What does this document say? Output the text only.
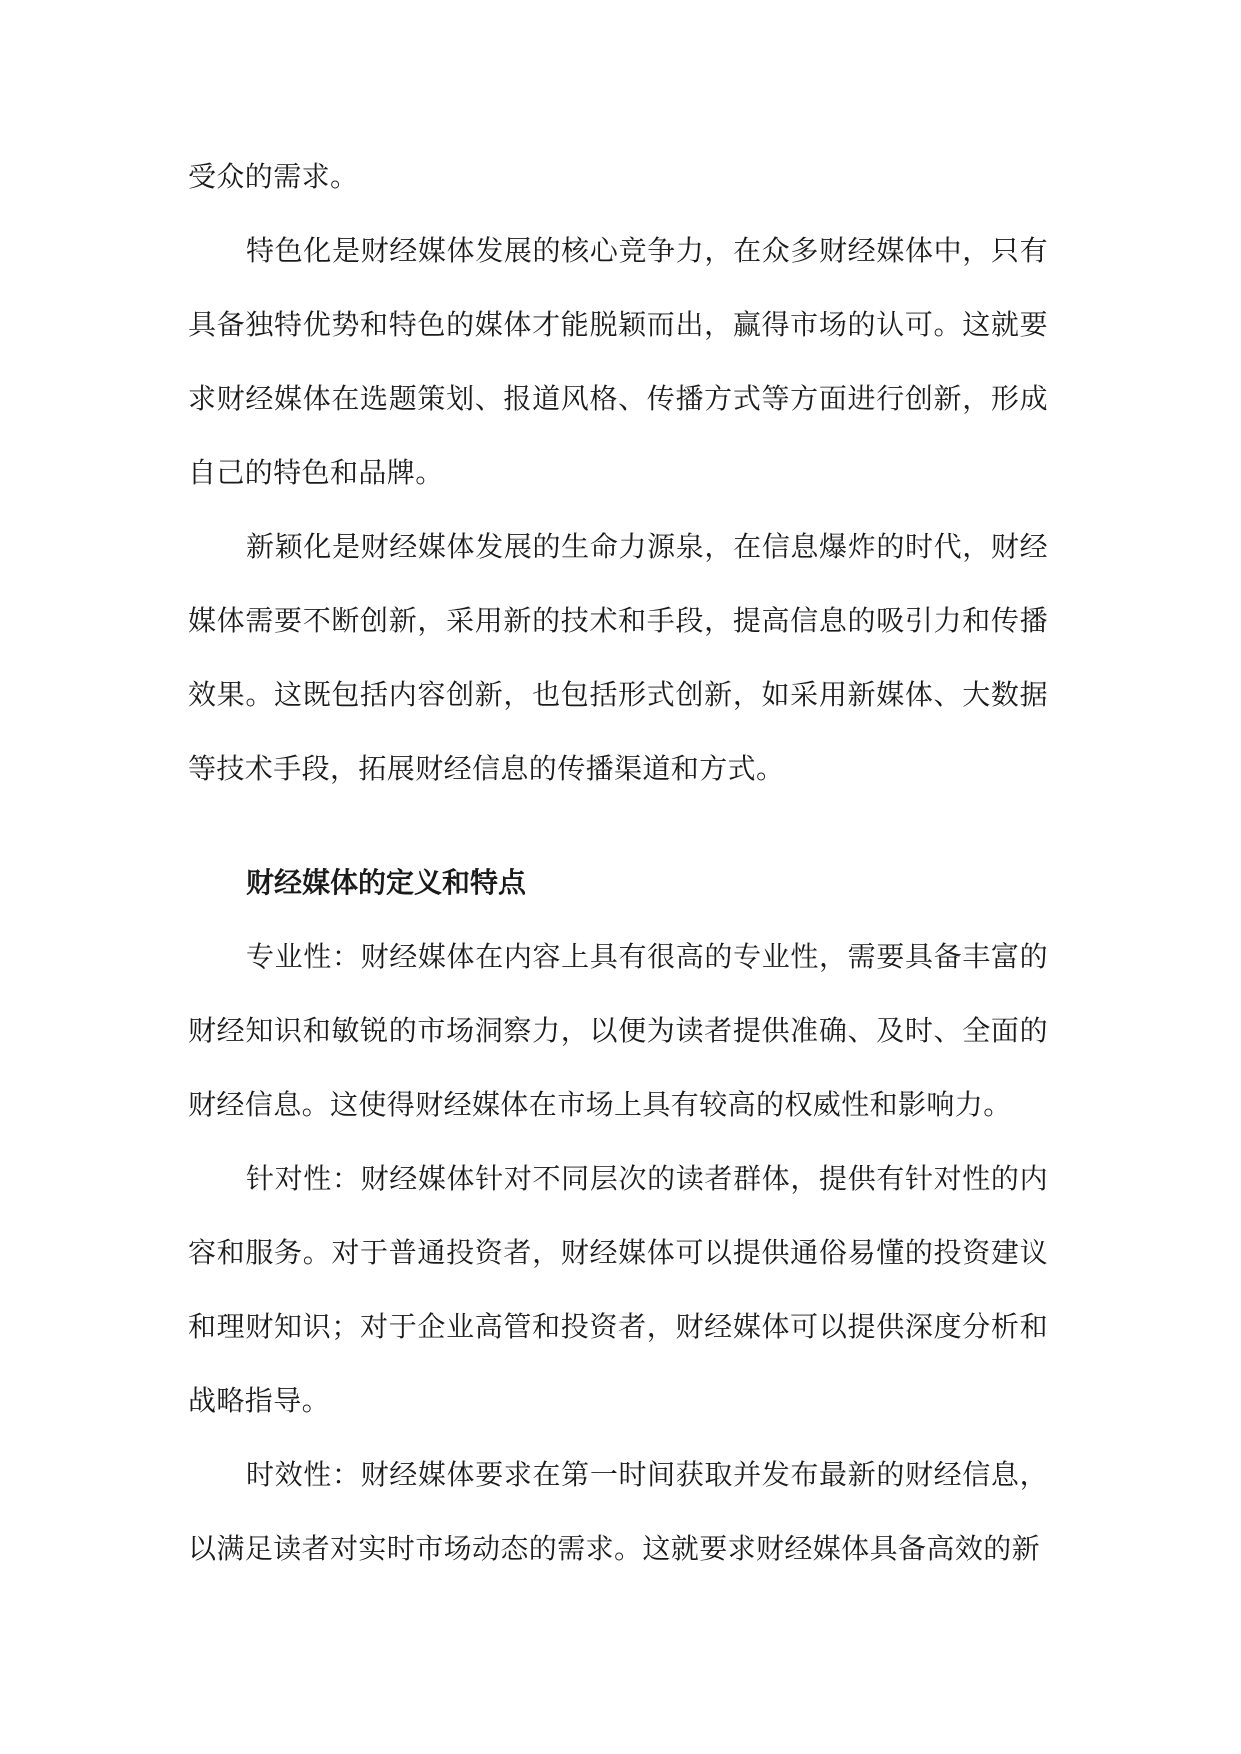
受众的需求。

特色化是财经媒体发展的核心竞争力，在众多财经媒体中，只有具备独特优势和特色的媒体才能脱颖而出，赢得市场的认可。这就要求财经媒体在选题策划、报道风格、传播方式等方面进行创新，形成自己的特色和品牌。

新颖化是财经媒体发展的生命力源泉，在信息爆炸的时代，财经媒体需要不断创新，采用新的技术和手段，提高信息的吸引力和传播效果。这既包括内容创新，也包括形式创新，如采用新媒体、大数据等技术手段，拓展财经信息的传播渠道和方式。

财经媒体的定义和特点

专业性：财经媒体在内容上具有很高的专业性，需要具备丰富的财经知识和敏锐的市场洞察力，以便为读者提供准确、及时、全面的财经信息。这使得财经媒体在市场上具有较高的权威性和影响力。

针对性：财经媒体针对不同层次的读者群体，提供有针对性的内容和服务。对于普通投资者，财经媒体可以提供通俗易懂的投资建议和理财知识；对于企业高管和投资者，财经媒体可以提供深度分析和战略指导。

时效性：财经媒体要求在第一时间获取并发布最新的财经信息，以满足读者对实时市场动态的需求。这就要求财经媒体具备高效的新
